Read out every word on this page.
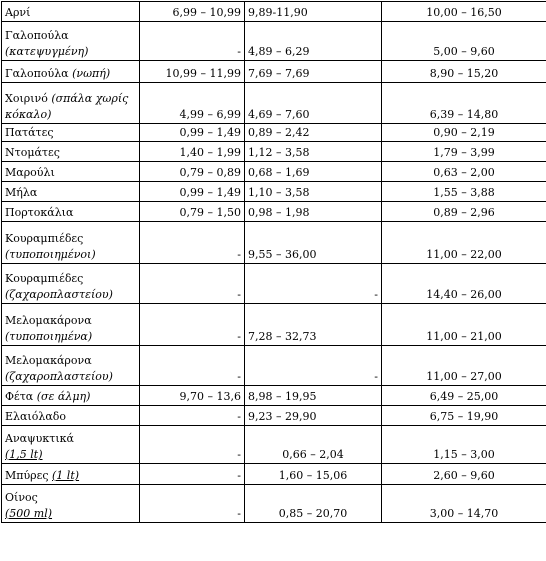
Αρνί	6,99 – 10,99	9,89-11,90	10,00 – 16,50

Γαλοπούλα
(κατεψυγμένη)	-	4,89 – 6,29	5,00 – 9,60
Γαλοπούλα (νωπή)	10,99 – 11,99	7,69 – 7,69	8,90 – 15,20
Χοιρινό (σπάλα χωρίς κόκαλο)	4,99 – 6,99	4,69 – 7,60	6,39 – 14,80
Πατάτες	0,99 – 1,49	0,89 – 2,42	0,90 – 2,19
Ντομάτες	1,40 – 1,99	1,12 – 3,58	1,79 – 3,99
Μαρούλι	0,79 – 0,89	0,68 – 1,69	0,63 – 2,00
Μήλα	0,99 – 1,49	1,10 – 3,58	1,55 – 3,88
Πορτοκάλια	0,79 – 1,50	0,98 – 1,98	0,89 – 2,96

Κουραμπιέδες
(τυποποιημένοι)	-	9,55 – 36,00	11,00 – 22,00

Κουραμπιέδες
(ζαχαροπλαστείου)	-	-	14,40 – 26,00

Μελομακάρονα
(τυποποιημένα)	-	7,28 – 32,73	11,00 – 21,00

Μελομακάρονα
(ζαχαροπλαστείου)	-	-	11,00 – 27,00
Φέτα (σε άλμη)	9,70 – 13,6	8,98 – 19,95	6,49 – 25,00
Ελαιόλαδο	-	9,23 – 29,90	6,75 – 19,90

Αναψυκτικά
(1,5 lt)	-	0,66 – 2,04	1,15 – 3,00
Μπύρες (1 lt)	-	1,60 – 15,06	2,60 – 9,60

Οίνος
(500 ml)	-	0,85 – 20,70	3,00 – 14,70
